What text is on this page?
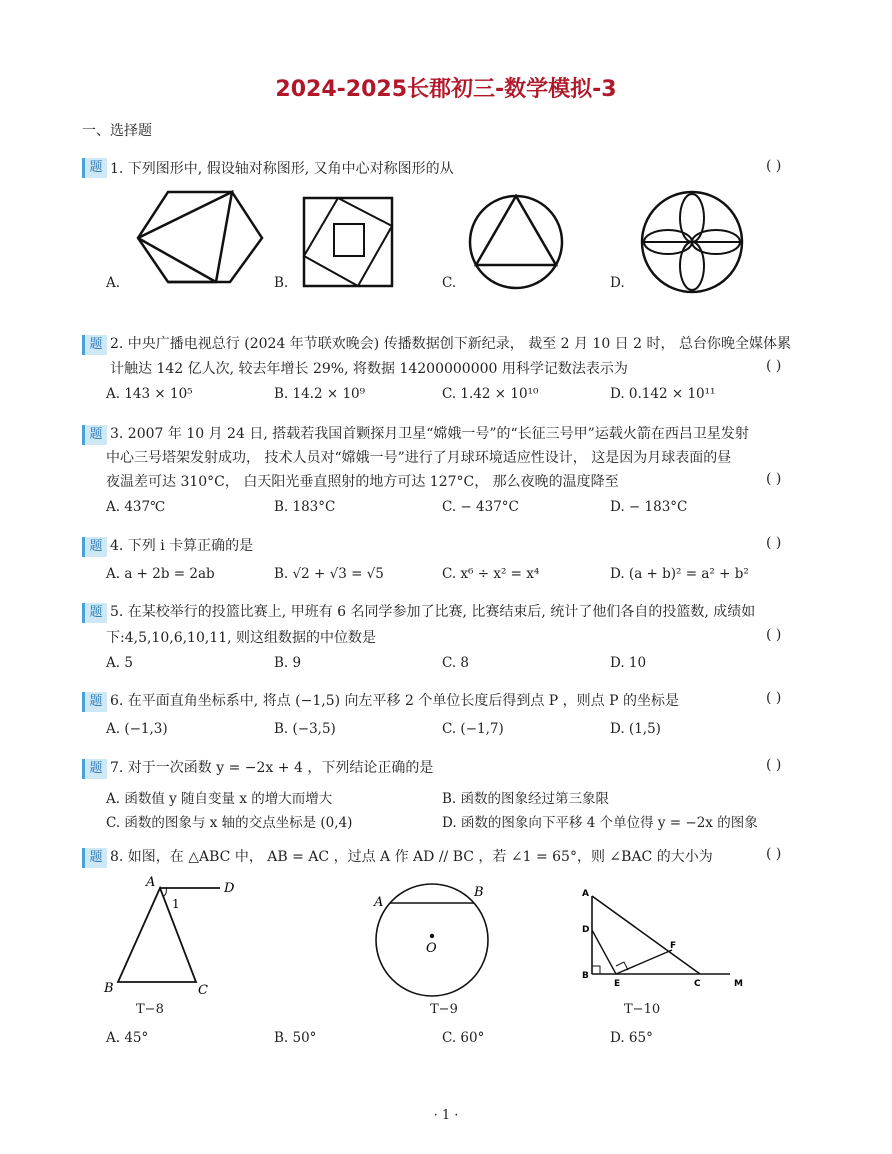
2024-2025长郡初三-数学模拟-3
一、选择题
题 1. 下列图形中, 假设轴对称图形, 又角中心对称图形的从	( )
A.	B.	C.	D.
题 2. 中央广播电视总行 (2024 年节联欢晚会) 传播数据创下新纪录， 裁至 2 月 10 日 2 时， 总台你晚全媒体累
计触达 142 亿人次, 较去年增长 29%, 将数据 14200000000 用科学记数法表示为	( )
A. 143 × 10⁵	B. 14.2 × 10⁹	C. 1.42 × 10¹⁰	D. 0.142 × 10¹¹
题 3. 2007 年 10 月 24 日, 搭载若我国首颗探月卫星“嫦娥一号”的“长征三号甲”运载火箭在西吕卫星发射
中心三号塔架发射成功， 技术人员对“嫦娥一号”进行了月球环境适应性设计， 这是因为月球表面的昼
夜温差可达 310°C， 白天阳光垂直照射的地方可达 127°C， 那么夜晚的温度降至	( )
A. 437℃	B. 183°C	C. − 437°C	D. − 183°C
题 4. 下列 i 卡算正确的是	( )
A. a + 2b = 2ab	B. √2 + √3 = √5	C. x⁶ ÷ x² = x⁴	D. (a + b)² = a² + b²
题 5. 在某校举行的投篮比赛上, 甲班有 6 名同学参加了比赛, 比赛结束后, 统计了他们各自的投篮数, 成绩如
下:4,5,10,6,10,11, 则这组数据的中位数是	( )
A. 5	B. 9	C. 8	D. 10
题 6. 在平面直角坐标系中, 将点 (−1,5) 向左平移 2 个单位长度后得到点 P ，则点 P 的坐标是	( )
A. (−1,3)	B. (−3,5)	C. (−1,7)	D. (1,5)
题 7. 对于一次函数 y = −2x + 4 ，下列结论正确的是	( )
A. 函数值 y 随自变量 x 的增大而增大	B. 函数的图象经过第三象限
C. 函数的图象与 x 轴的交点坐标是 (0,4)	D. 函数的图象向下平移 4 个单位得 y = −2x 的图象
题 8. 如图，在 △ABC 中， AB = AC ，过点 A 作 AD // BC ，若 ∠1 = 65°，则 ∠BAC 的大小为	( )
A	D
1
B	C
T−8
A
B
O
T−9
A
D
B
E	C
F
M
T−10
A. 45°	B. 50°	C. 60°	D. 65°
· 1 ·
